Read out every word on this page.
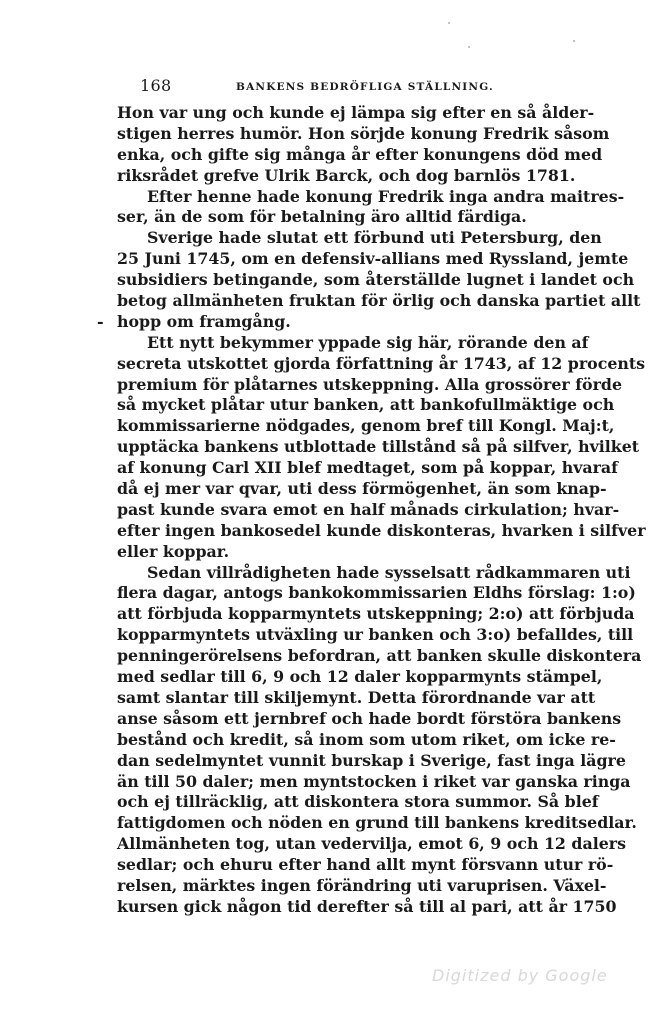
168	BANKENS BEDRÖFLIGA STÄLLNING.
-
Hon var ung och kunde ej lämpa sig efter en så ålder-
stigen herres humör. Hon sörjde konung Fredrik såsom
enka, och gifte sig många år efter konungens död med
riksrådet grefve Ulrik Barck, och dog barnlös 1781.
Efter henne hade konung Fredrik inga andra maitres-
ser, än de som för betalning äro alltid färdiga.
Sverige hade slutat ett förbund uti Petersburg, den
25 Juni 1745, om en defensiv-allians med Ryssland, jemte
subsidiers betingande, som återställde lugnet i landet och
betog allmänheten fruktan för örlig och danska partiet allt
hopp om framgång.
Ett nytt bekymmer yppade sig här, rörande den af
secreta utskottet gjorda författning år 1743, af 12 procents
premium för plåtarnes utskeppning. Alla grossörer förde
så mycket plåtar utur banken, att bankofullmäktige och
kommissarierne nödgades, genom bref till Kongl. Maj:t,
upptäcka bankens utblottade tillstånd så på silfver, hvilket
af konung Carl XII blef medtaget, som på koppar, hvaraf
då ej mer var qvar, uti dess förmögenhet, än som knap-
past kunde svara emot en half månads cirkulation; hvar-
efter ingen bankosedel kunde diskonteras, hvarken i silfver
eller koppar.
Sedan villrådigheten hade sysselsatt rådkammaren uti
flera dagar, antogs bankokommissarien Eldhs förslag: 1:o)
att förbjuda kopparmyntets utskeppning; 2:o) att förbjuda
kopparmyntets utväxling ur banken och 3:o) befalldes, till
penningerörelsens befordran, att banken skulle diskontera
med sedlar till 6, 9 och 12 daler kopparmynts stämpel,
samt slantar till skiljemynt. Detta förordnande var att
anse såsom ett jernbref och hade bordt förstöra bankens
bestånd och kredit, så inom som utom riket, om icke re-
dan sedelmyntet vunnit burskap i Sverige, fast inga lägre
än till 50 daler; men myntstocken i riket var ganska ringa
och ej tillräcklig, att diskontera stora summor. Så blef
fattigdomen och nöden en grund till bankens kreditsedlar.
Allmänheten tog, utan vedervilja, emot 6, 9 och 12 dalers
sedlar; och ehuru efter hand allt mynt försvann utur rö-
relsen, märktes ingen förändring uti varuprisen. Växel-
kursen gick någon tid derefter så till al pari, att år 1750
Digitized by Google
